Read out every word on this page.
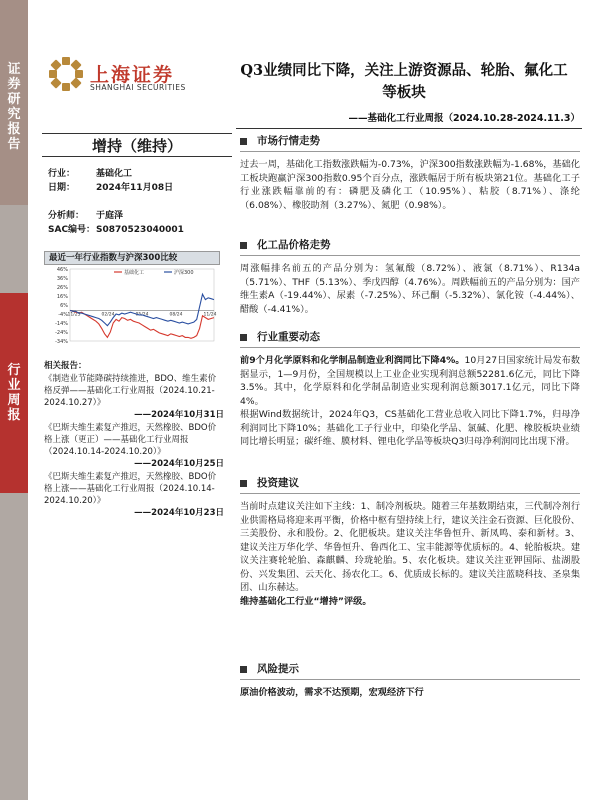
证券研究报告
行业周报
上海证券
SHANGHAI SECURITIES
Q3业绩同比下降，关注上游资源品、轮胎、氟化工等板块
——基础化工行业周报（2024.10.28-2024.11.3）
增持（维持）
行业： 基础化工
日期： 2024年11月08日
分析师： 于庭泽
SAC编号：S0870523040001
最近一年行业指数与沪深300比较
46%
36%
26%
16%
6%
-4%
-14%
-24%
-34%
11/23	02/24	05/24	08/24	11/24
基础化工	沪深300
相关报告：
《制造业节能降碳持续推进，BDO、维生素价格反弹——基础化工行业周报（2024.10.21-2024.10.27）》
——2024年10月31日
《巴斯夫维生素复产推迟，天然橡胶、BDO价格上涨（更正）——基础化工行业周报（2024.10.14-2024.10.20）》
——2024年10月25日
《巴斯夫维生素复产推迟，天然橡胶、BDO价格上涨——基础化工行业周报（2024.10.14-2024.10.20）》
——2024年10月23日
市场行情走势

过去一周，基础化工指数涨跌幅为-0.73%，沪深300指数涨跌幅为-1.68%，基础化工板块跑赢沪深300指数0.95个百分点，涨跌幅居于所有板块第21位。基础化工子行业涨跌幅靠前的有：磷肥及磷化工（10.95%）、粘胶（8.71%）、涤纶（6.08%）、橡胶助剂（3.27%）、氮肥（0.98%）。

化工品价格走势

周涨幅排名前五的产品分别为：氢氟酸（8.72%）、液氯（8.71%）、R134a（5.71%）、THF（5.13%）、季戊四醇（4.76%）。周跌幅前五的产品分别为：国产维生素A（-19.44%）、尿素（-7.25%）、环己酮（-5.32%）、氯化铵（-4.44%）、醋酸（-4.41%）。

行业重要动态

前9个月化学原料和化学制品制造业利润同比下降4%。10月27日国家统计局发布数据显示，1—9月份，全国规模以上工业企业实现利润总额52281.6亿元，同比下降3.5%。其中，化学原料和化学制品制造业实现利润总额3017.1亿元，同比下降4%。

根据Wind数据统计，2024年Q3，CS基础化工营业总收入同比下降1.7%，归母净利润同比下降10%；基础化工子行业中，印染化学品、氯碱、化肥、橡胶板块业绩同比增长明显；碳纤维、膜材料、锂电化学品等板块Q3归母净利润同比出现下滑。

投资建议

当前时点建议关注如下主线：1、制冷剂板块。随着三年基数期结束，三代制冷剂行业供需格局将迎来再平衡，价格中枢有望持续上行，建议关注金石资源、巨化股份、三美股份、永和股份。2、化肥板块。建议关注华鲁恒升、新凤鸣、泰和新材。3、建议关注万华化学、华鲁恒升、鲁西化工、宝丰能源等优质标的。4、轮胎板块。建议关注赛轮轮胎、森麒麟、玲珑轮胎。5、农化板块。建议关注亚钾国际、盐湖股份、兴发集团、云天化、扬农化工。6、优质成长标的。建议关注蓝晓科技、圣泉集团、山东赫达。

维持基础化工行业“增持”评级。

风险提示

原油价格波动，需求不达预期，宏观经济下行
